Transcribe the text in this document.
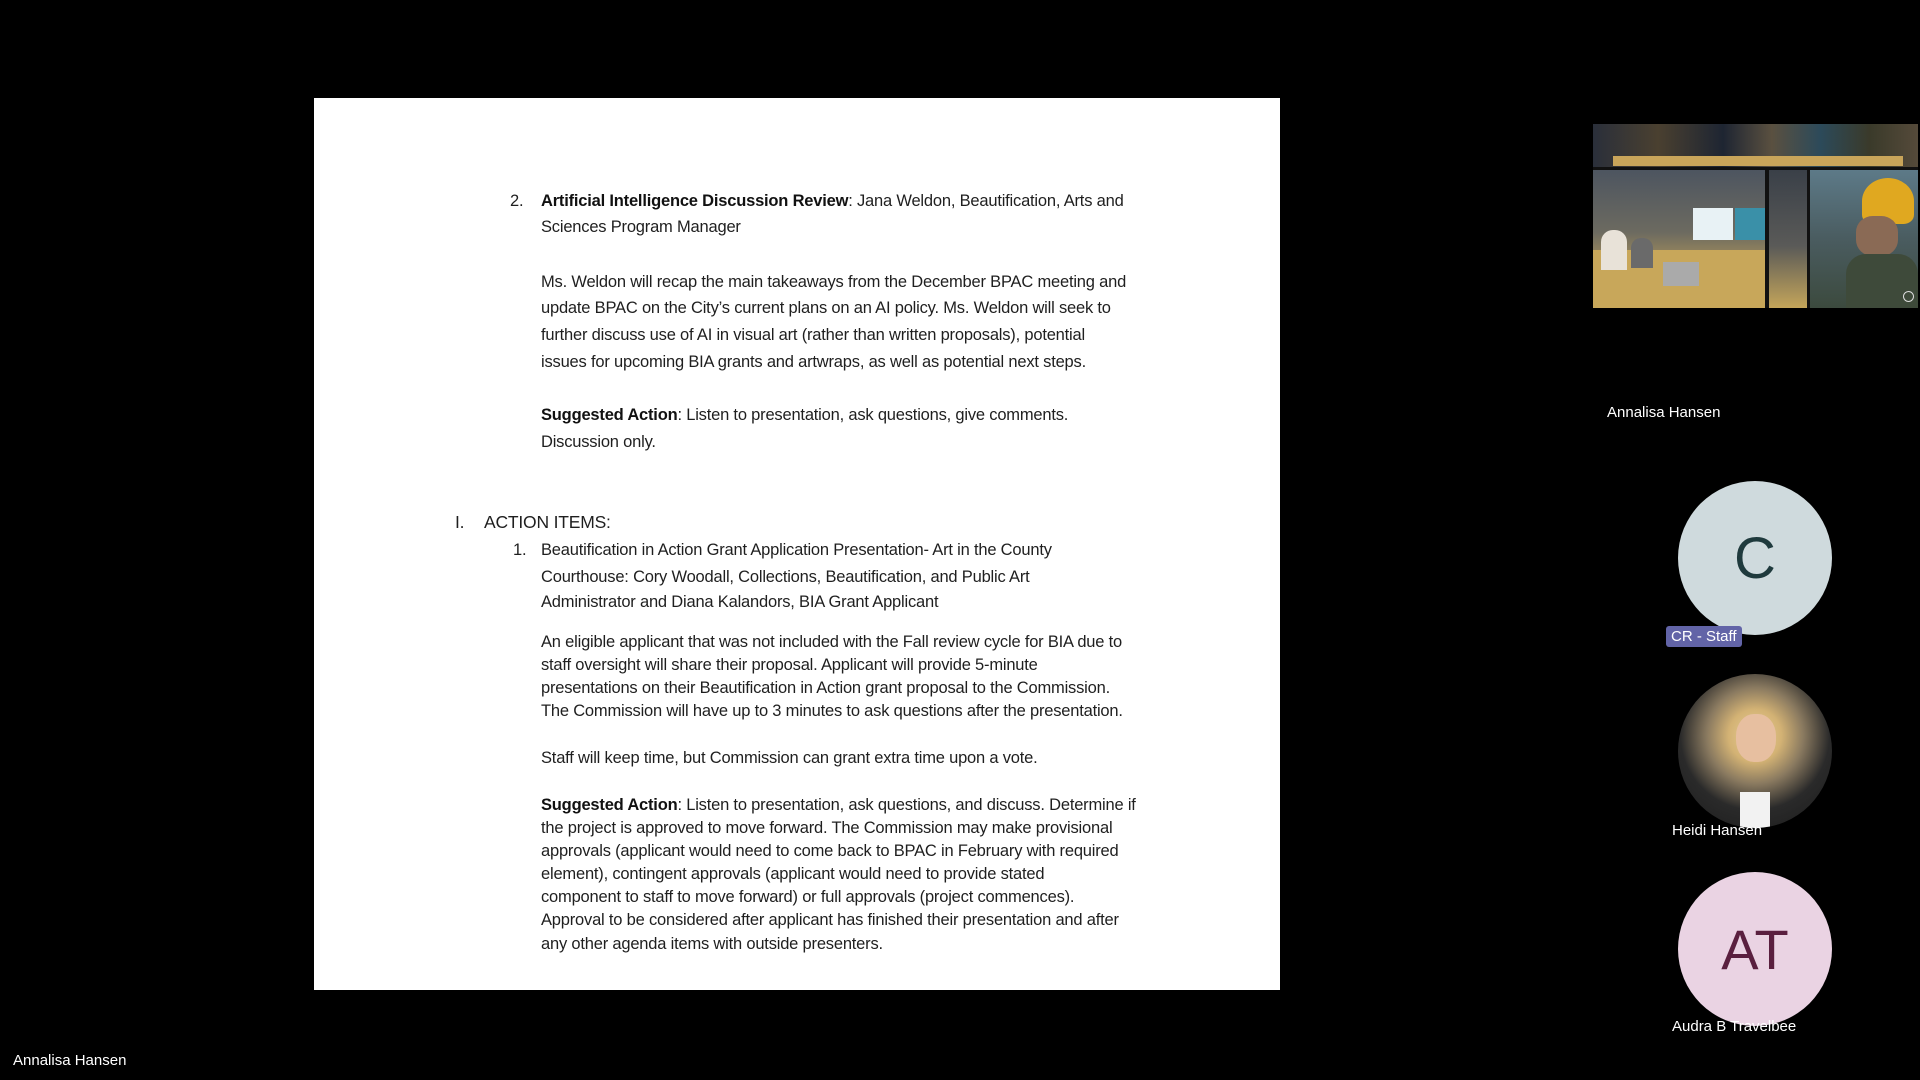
2. Artificial Intelligence Discussion Review: Jana Weldon, Beautification, Arts and
Sciences Program Manager
Ms. Weldon will recap the main takeaways from the December BPAC meeting and
update BPAC on the City’s current plans on an AI policy. Ms. Weldon will seek to
further discuss use of AI in visual art (rather than written proposals), potential
issues for upcoming BIA grants and artwraps, as well as potential next steps.
Suggested Action: Listen to presentation, ask questions, give comments.
Discussion only.
I. ACTION ITEMS:
1. Beautification in Action Grant Application Presentation- Art in the County
Courthouse: Cory Woodall, Collections, Beautification, and Public Art
Administrator and Diana Kalandors, BIA Grant Applicant
An eligible applicant that was not included with the Fall review cycle for BIA due to
staff oversight will share their proposal. Applicant will provide 5-minute
presentations on their Beautification in Action grant proposal to the Commission.
The Commission will have up to 3 minutes to ask questions after the presentation.
Staff will keep time, but Commission can grant extra time upon a vote.
Suggested Action: Listen to presentation, ask questions, and discuss. Determine if
the project is approved to move forward. The Commission may make provisional
approvals (applicant would need to come back to BPAC in February with required
element), contingent approvals (applicant would need to provide stated
component to staff to move forward) or full approvals (project commences).
Approval to be considered after applicant has finished their presentation and after
any other agenda items with outside presenters.
Annalisa Hansen
C
CR - Staff
Heidi Hansen
AT
Audra B Travelbee
Annalisa Hansen
